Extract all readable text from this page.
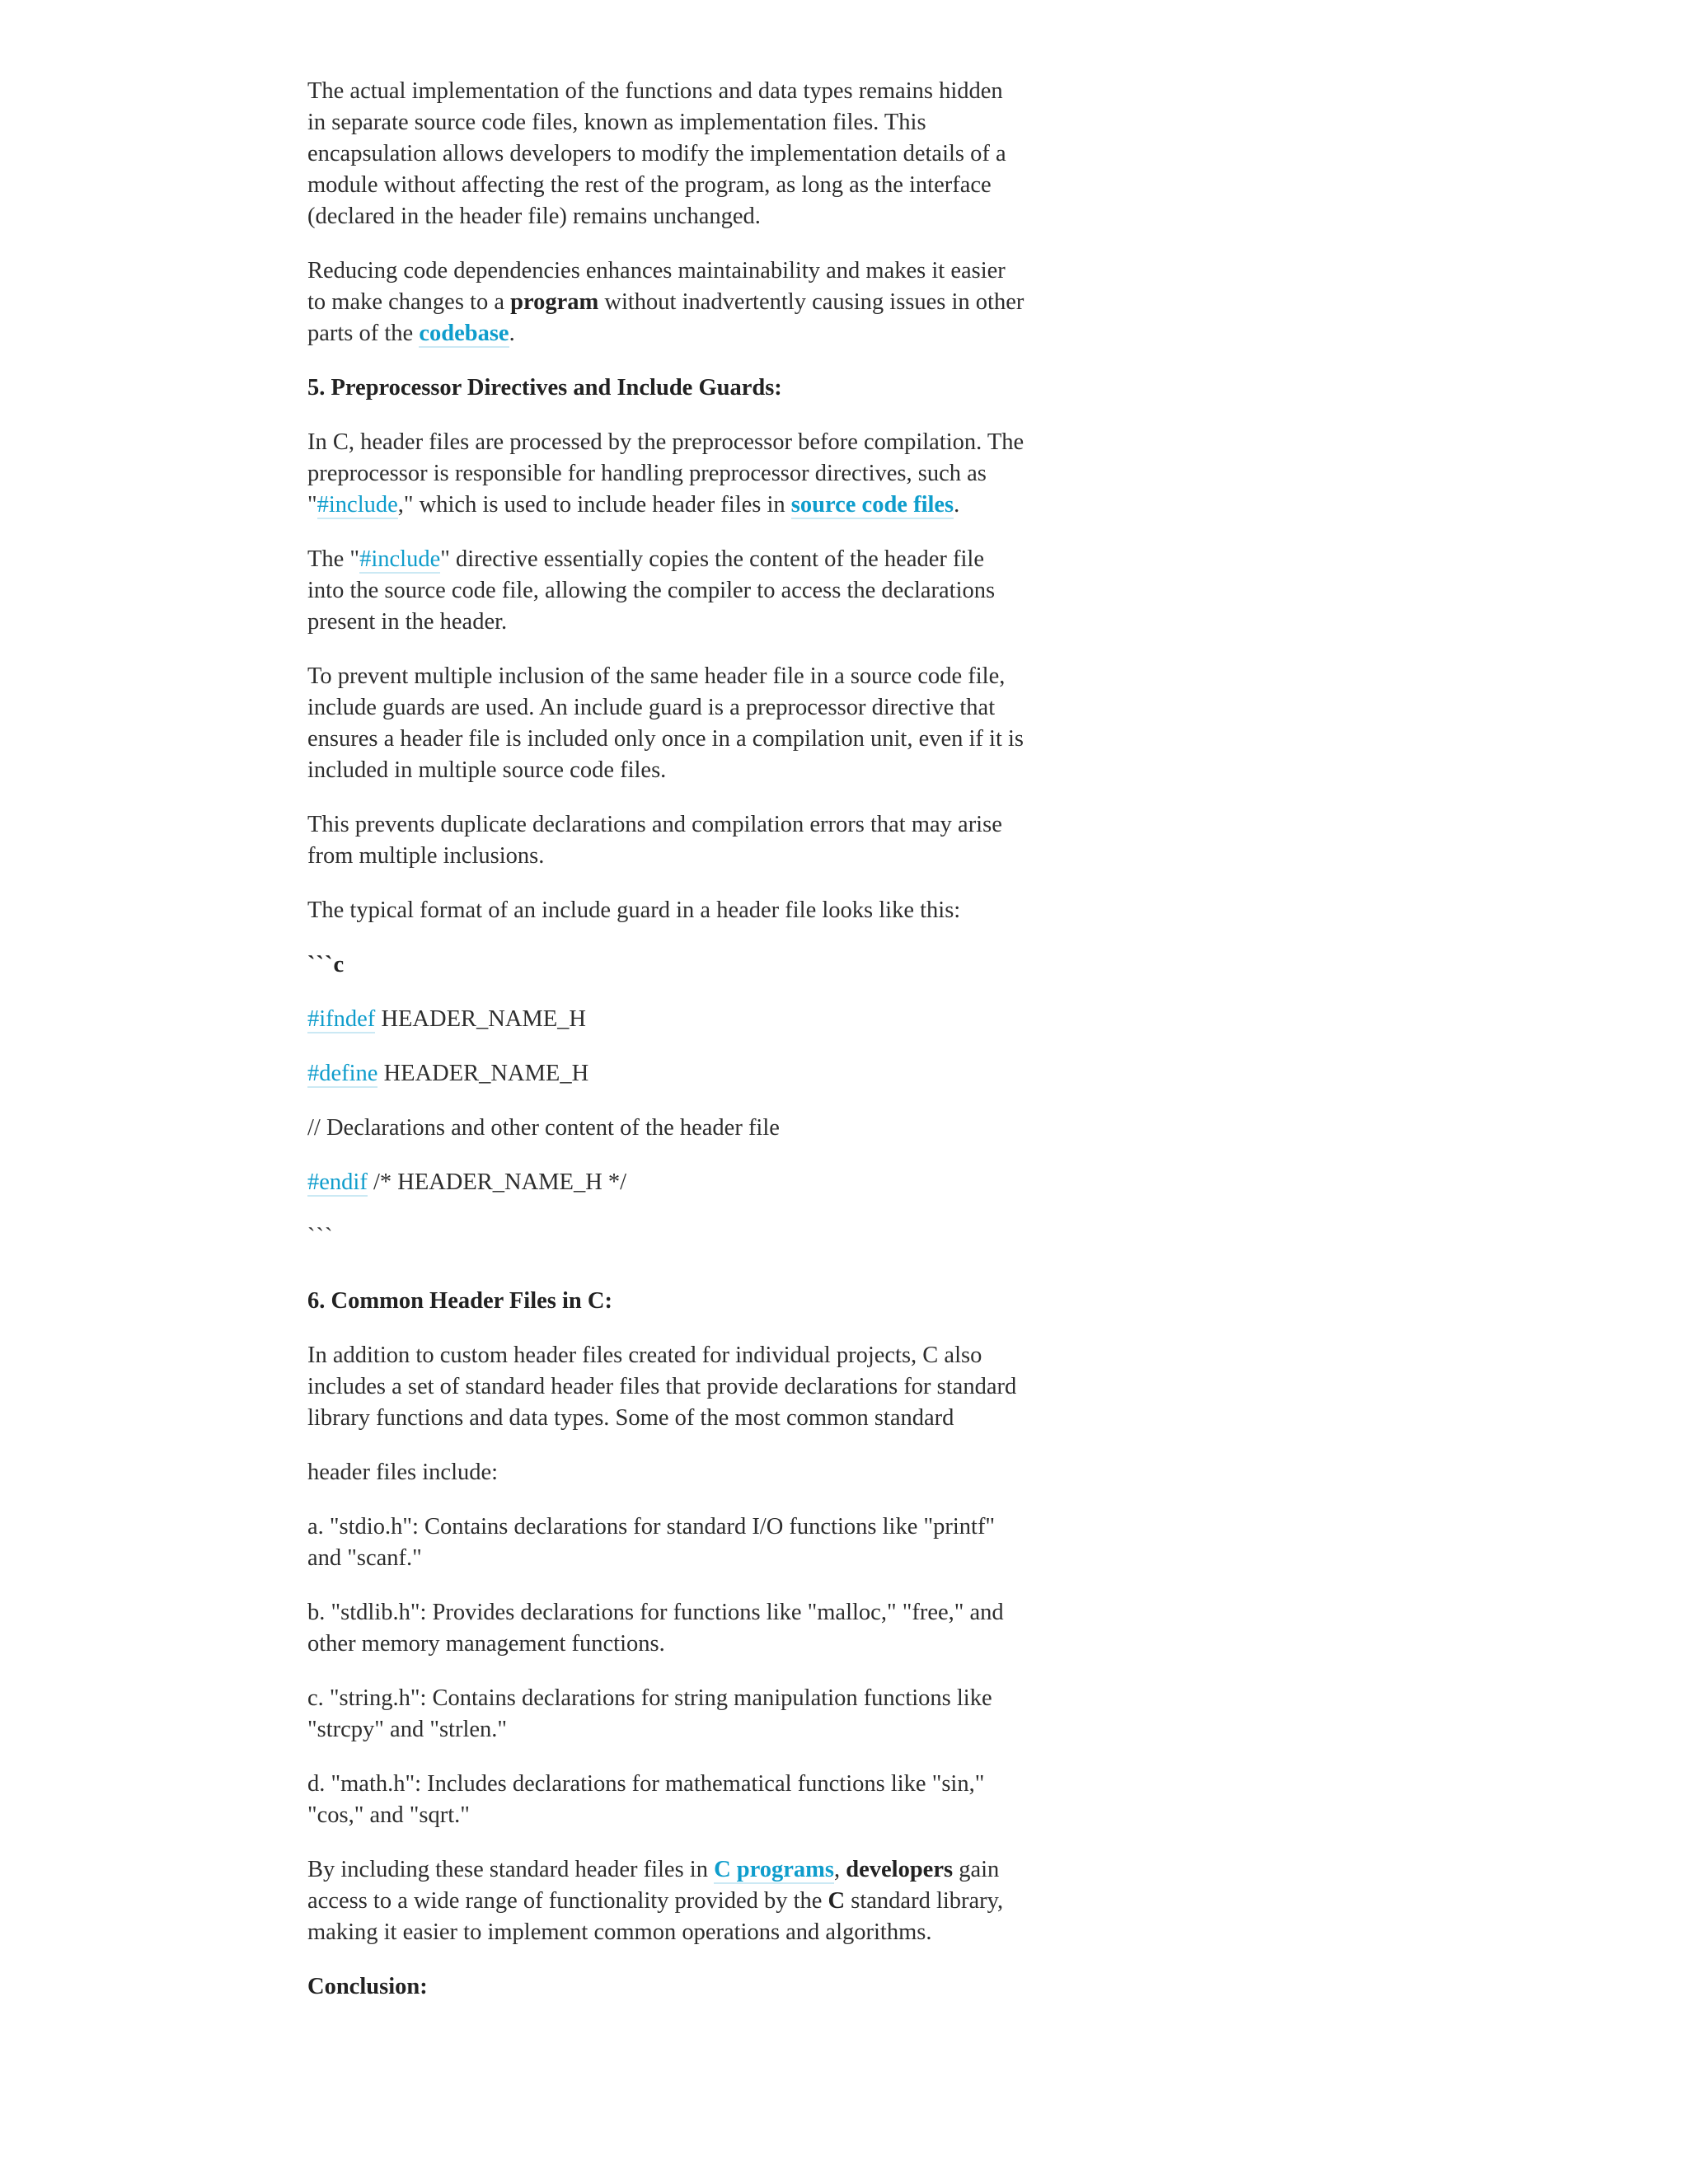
The actual implementation of the functions and data types remains hidden in separate source code files, known as implementation files. This encapsulation allows developers to modify the implementation details of a module without affecting the rest of the program, as long as the interface (declared in the header file) remains unchanged.

Reducing code dependencies enhances maintainability and makes it easier to make changes to a program without inadvertently causing issues in other parts of the codebase.

5. Preprocessor Directives and Include Guards:

In C, header files are processed by the preprocessor before compilation. The preprocessor is responsible for handling preprocessor directives, such as "#include," which is used to include header files in source code files.

The "#include" directive essentially copies the content of the header file into the source code file, allowing the compiler to access the declarations present in the header.

To prevent multiple inclusion of the same header file in a source code file, include guards are used. An include guard is a preprocessor directive that ensures a header file is included only once in a compilation unit, even if it is included in multiple source code files.

This prevents duplicate declarations and compilation errors that may arise from multiple inclusions.

The typical format of an include guard in a header file looks like this:

```c

#ifndef HEADER_NAME_H

#define HEADER_NAME_H

// Declarations and other content of the header file

#endif /* HEADER_NAME_H */

```

6. Common Header Files in C:

In addition to custom header files created for individual projects, C also includes a set of standard header files that provide declarations for standard library functions and data types. Some of the most common standard

header files include:

a. "stdio.h": Contains declarations for standard I/O functions like "printf" and "scanf."

b. "stdlib.h": Provides declarations for functions like "malloc," "free," and other memory management functions.

c. "string.h": Contains declarations for string manipulation functions like "strcpy" and "strlen."

d. "math.h": Includes declarations for mathematical functions like "sin," "cos," and "sqrt."

By including these standard header files in C programs, developers gain access to a wide range of functionality provided by the C standard library, making it easier to implement common operations and algorithms.

Conclusion:
